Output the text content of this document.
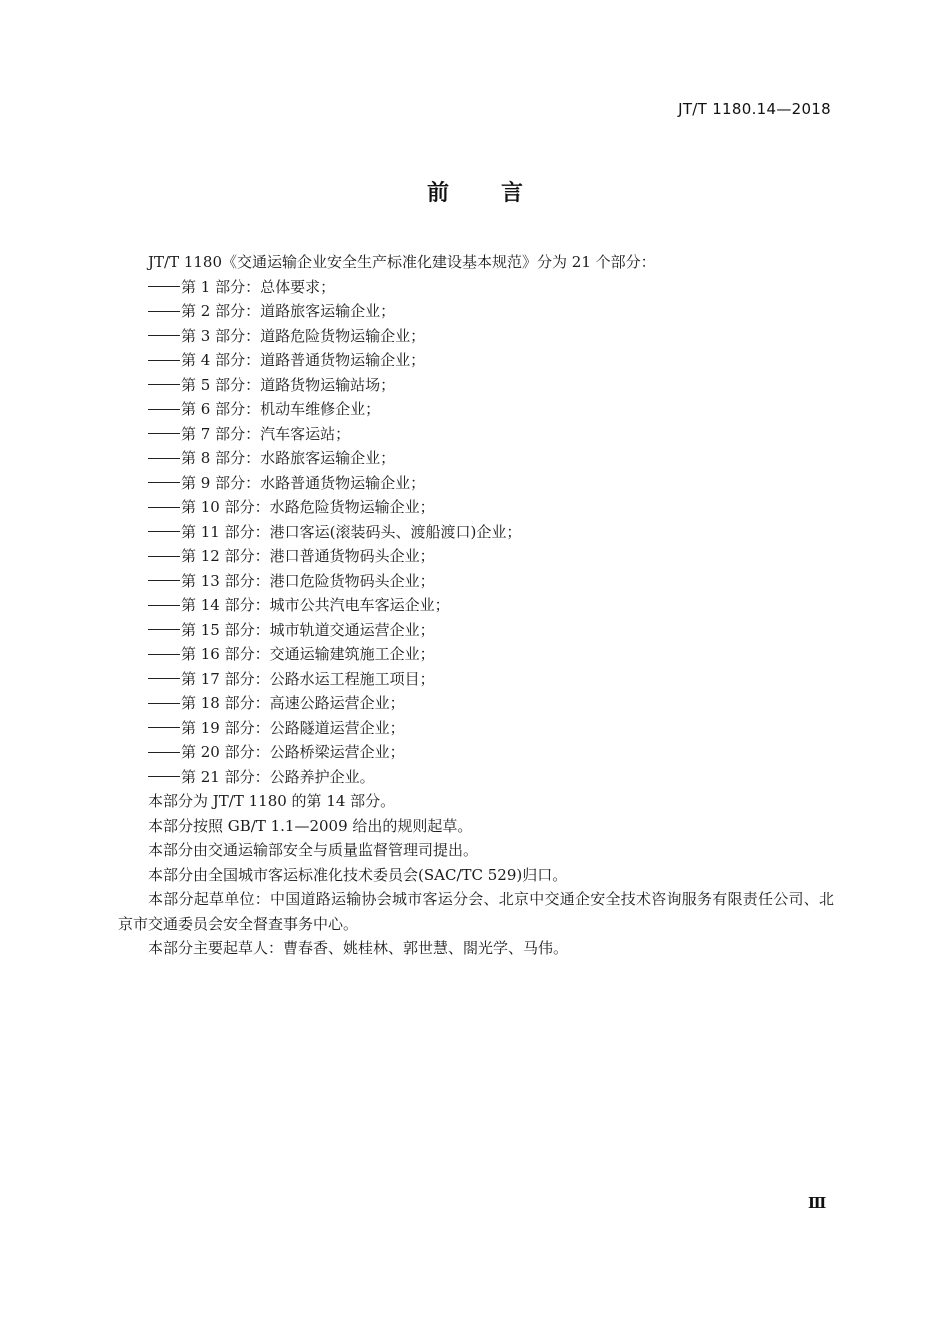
JT/T 1180.14—2018
前 言
JT/T 1180《交通运输企业安全生产标准化建设基本规范》分为 21 个部分：
第 1 部分：总体要求；
第 2 部分：道路旅客运输企业；
第 3 部分：道路危险货物运输企业；
第 4 部分：道路普通货物运输企业；
第 5 部分：道路货物运输站场；
第 6 部分：机动车维修企业；
第 7 部分：汽车客运站；
第 8 部分：水路旅客运输企业；
第 9 部分：水路普通货物运输企业；
第 10 部分：水路危险货物运输企业；
第 11 部分：港口客运(滚装码头、渡船渡口)企业；
第 12 部分：港口普通货物码头企业；
第 13 部分：港口危险货物码头企业；
第 14 部分：城市公共汽电车客运企业；
第 15 部分：城市轨道交通运营企业；
第 16 部分：交通运输建筑施工企业；
第 17 部分：公路水运工程施工项目；
第 18 部分：高速公路运营企业；
第 19 部分：公路隧道运营企业；
第 20 部分：公路桥梁运营企业；
第 21 部分：公路养护企业。
本部分为 JT/T 1180 的第 14 部分。
本部分按照 GB/T 1.1—2009 给出的规则起草。
本部分由交通运输部安全与质量监督管理司提出。
本部分由全国城市客运标准化技术委员会(SAC/TC 529)归口。
本部分起草单位：中国道路运输协会城市客运分会、北京中交通企安全技术咨询服务有限责任公司、北京市交通委员会安全督查事务中心。
本部分主要起草人：曹春香、姚桂林、郭世慧、閤光学、马伟。
Ⅲ
